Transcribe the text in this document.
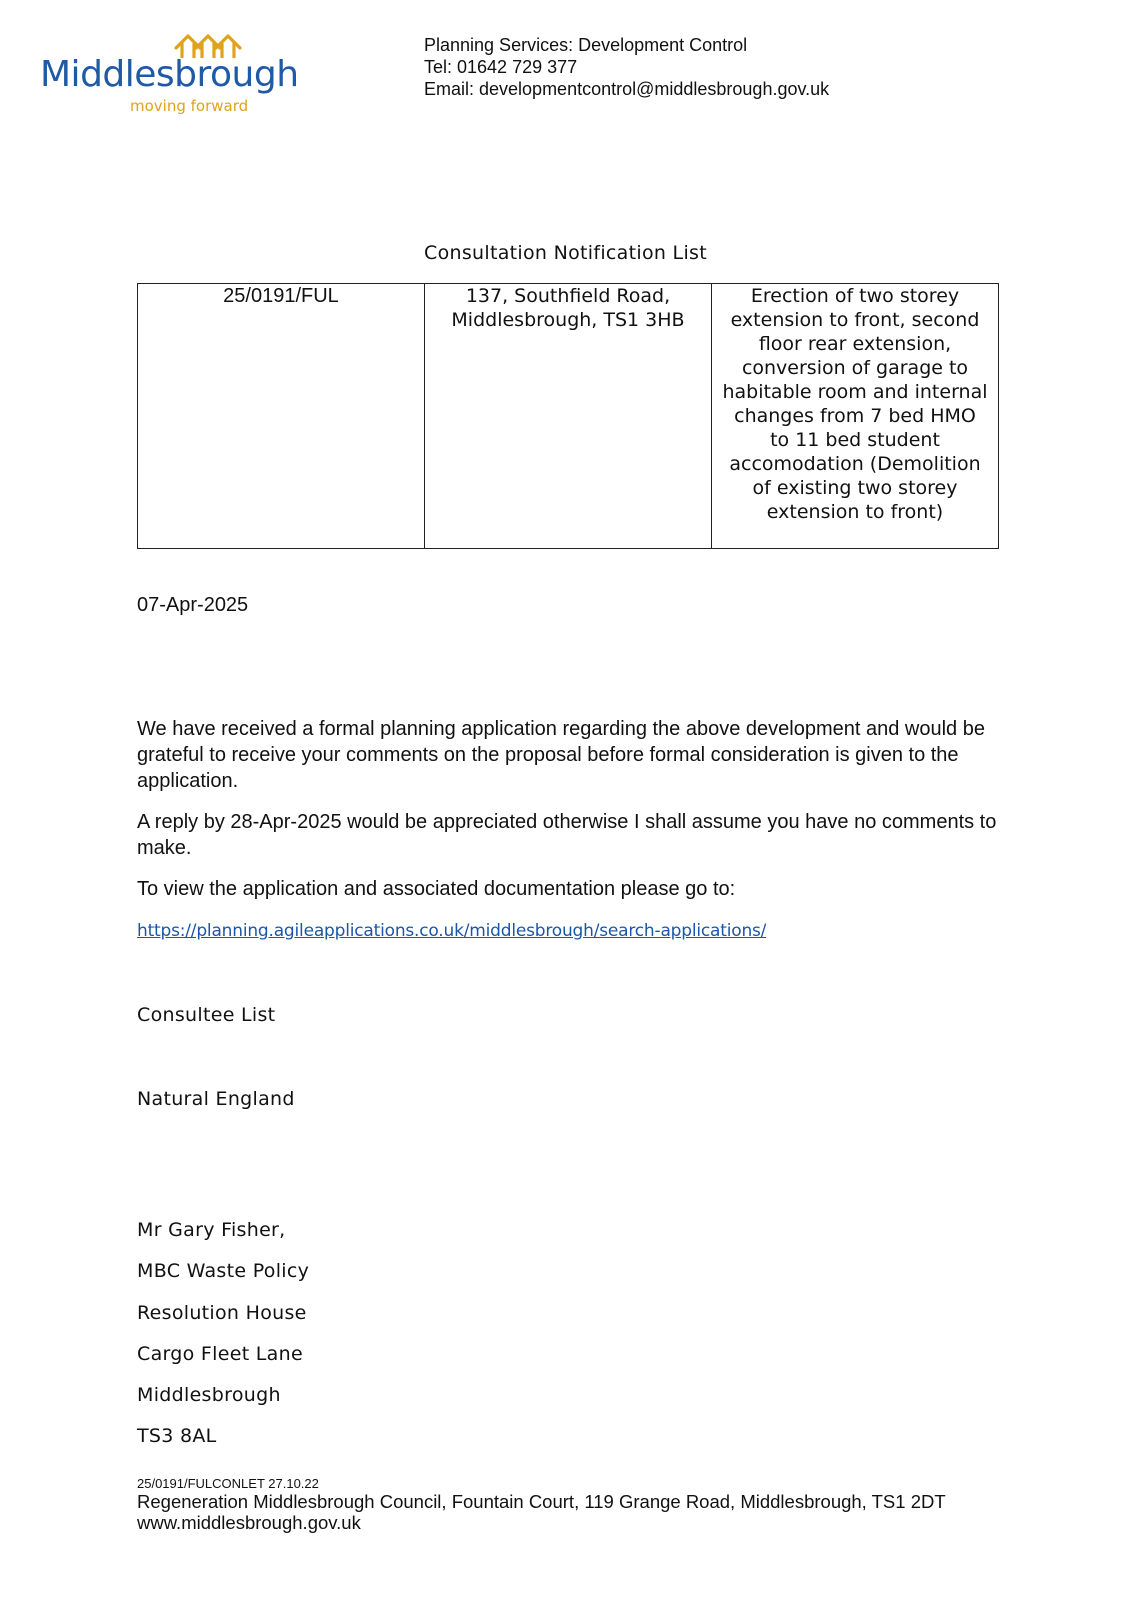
Middlesbrough
moving forward
Planning Services: Development Control
Tel: 01642 729 377
Email: developmentcontrol@middlesbrough.gov.uk
Consultation Notification List
25/0191/FUL	137, Southfield Road, Middlesbrough, TS1 3HB	Erection of two storey extension to front, second floor rear extension, conversion of garage to habitable room and internal changes from 7 bed HMO to 11 bed student accomodation (Demolition of existing two storey extension to front)
07-Apr-2025

We have received a formal planning application regarding the above development and would be grateful to receive your comments on the proposal before formal consideration is given to the application.

A reply by 28-Apr-2025 would be appreciated otherwise I shall assume you have no comments to make.

To view the application and associated documentation please go to:

https://planning.agileapplications.co.uk/middlesbrough/search-applications/

Consultee List
Natural England
Mr Gary Fisher,
MBC Waste Policy
Resolution House
Cargo Fleet Lane
Middlesbrough
TS3 8AL
25/0191/FULCONLET 27.10.22
Regeneration Middlesbrough Council, Fountain Court, 119 Grange Road, Middlesbrough, TS1 2DT
www.middlesbrough.gov.uk
